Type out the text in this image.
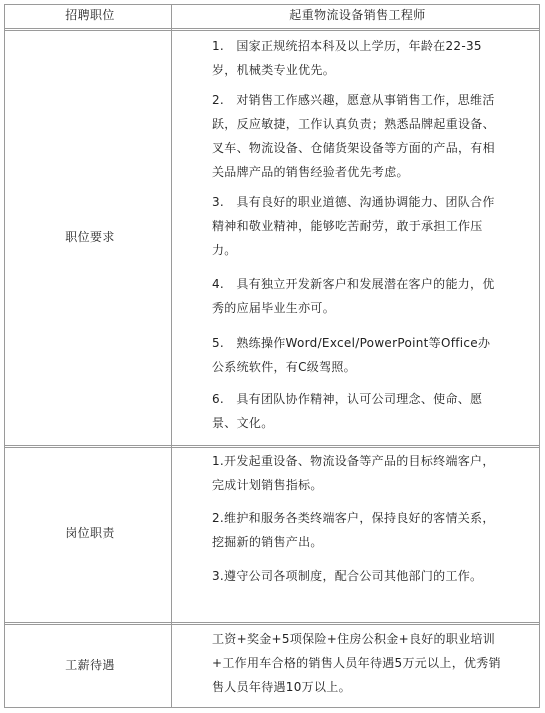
招聘职位	起重物流设备销售工程师
职位要求
1.　国家正规统招本科及以上学历，年龄在22-35岁，机械类专业优先。
2.　对销售工作感兴趣，愿意从事销售工作，思维活跃，反应敏捷，工作认真负责；熟悉品牌起重设备、叉车、物流设备、仓储货架设备等方面的产品，有相关品牌产品的销售经验者优先考虑。
3.　具有良好的职业道德、沟通协调能力、团队合作精神和敬业精神，能够吃苦耐劳，敢于承担工作压力。
4.　具有独立开发新客户和发展潜在客户的能力，优秀的应届毕业生亦可。
5.　熟练操作Word/Excel/PowerPoint等Office办公系统软件，有C级驾照。
6.　具有团队协作精神，认可公司理念、使命、愿景、文化。
岗位职责
1.开发起重设备、物流设备等产品的目标终端客户，完成计划销售指标。
2.维护和服务各类终端客户，保持良好的客情关系，挖掘新的销售产出。
3.遵守公司各项制度，配合公司其他部门的工作。
工薪待遇
工资+奖金+5项保险+住房公积金+良好的职业培训+工作用车合格的销售人员年待遇5万元以上，优秀销售人员年待遇10万以上。
